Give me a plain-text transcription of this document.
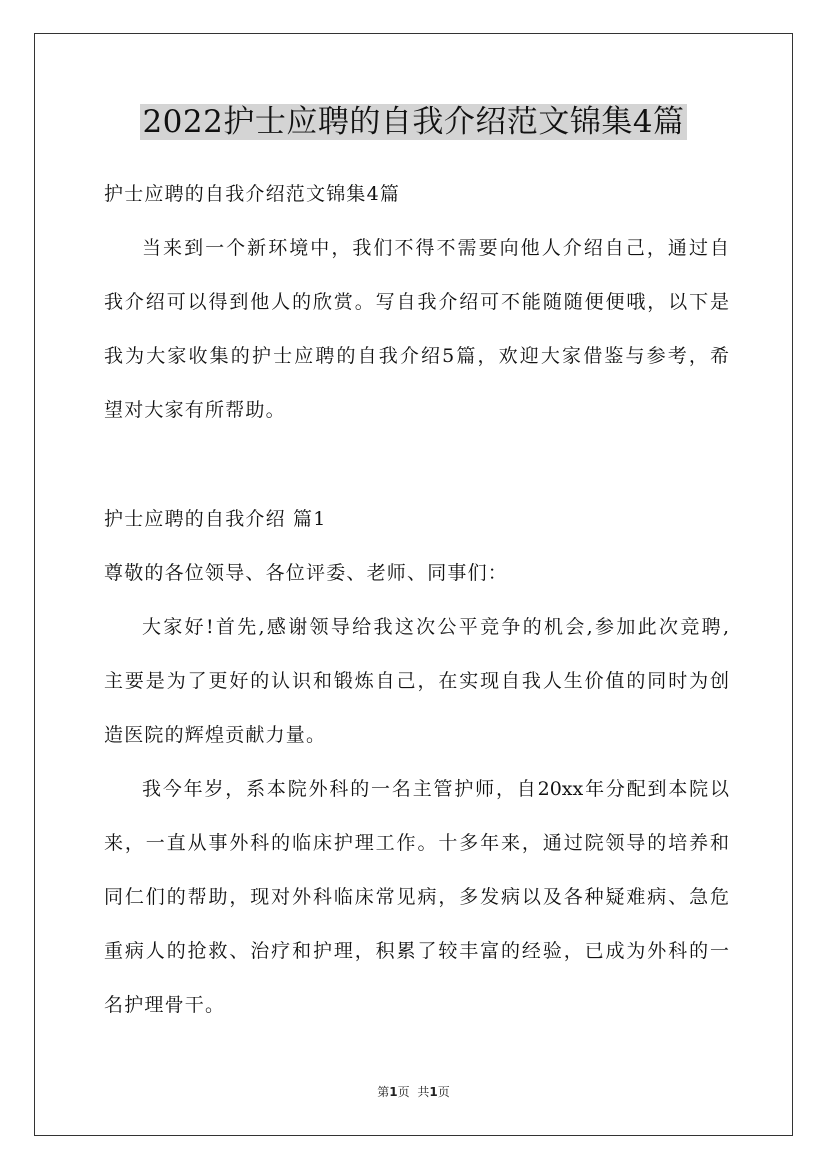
2022护士应聘的自我介绍范文锦集4篇

护士应聘的自我介绍范文锦集4篇

当来到一个新环境中，我们不得不需要向他人介绍自己，通过自

我介绍可以得到他人的欣赏。写自我介绍可不能随随便便哦，以下是

我为大家收集的护士应聘的自我介绍5篇，欢迎大家借鉴与参考，希

望对大家有所帮助。

护士应聘的自我介绍 篇1

尊敬的各位领导、各位评委、老师、同事们：

大家好!首先,感谢领导给我这次公平竞争的机会,参加此次竞聘,

主要是为了更好的认识和锻炼自己，在实现自我人生价值的同时为创

造医院的辉煌贡献力量。

我今年岁，系本院外科的一名主管护师，自20xx年分配到本院以

来，一直从事外科的临床护理工作。十多年来，通过院领导的培养和

同仁们的帮助，现对外科临床常见病，多发病以及各种疑难病、急危

重病人的抢救、治疗和护理，积累了较丰富的经验，已成为外科的一

名护理骨干。

第1页 共1页
